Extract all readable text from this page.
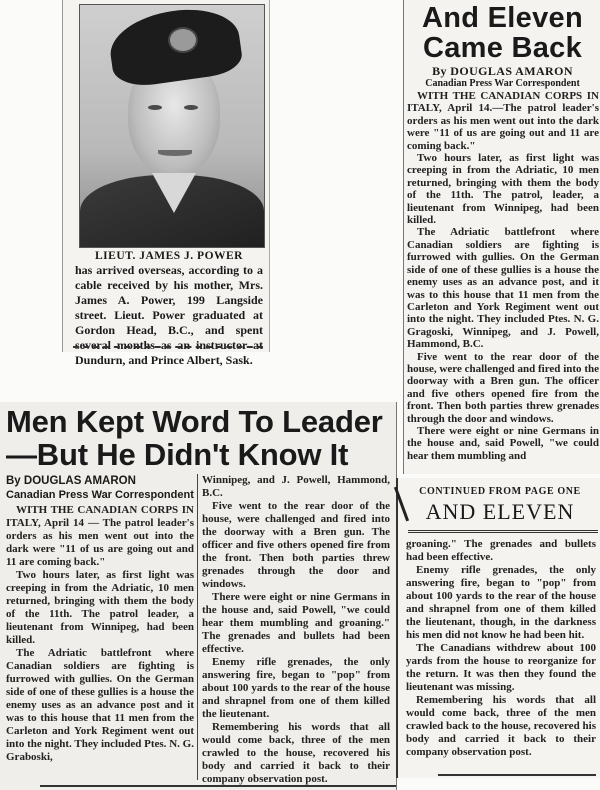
LIEUT. JAMES J. POWER
has arrived overseas, according to a cable received by his mother, Mrs. James A. Power, 199 Langside street. Lieut. Power graduated at Gordon Head, B.C., and spent several months as an instructor at Dundurn, and Prince Albert, Sask.
And Eleven Came Back
By DOUGLAS AMARON
Canadian Press War Correspondent

WITH THE CANADIAN CORPS IN ITALY, April 14.—The patrol leader's orders as his men went out into the dark were "11 of us are going out and 11 are coming back."

Two hours later, as first light was creeping in from the Adriatic, 10 men returned, bringing with them the body of the 11th. The patrol, leader, a lieutenant from Winnipeg, had been killed.

The Adriatic battlefront where Canadian soldiers are fighting is furrowed with gullies. On the German side of one of these gullies is a house the enemy uses as an advance post, and it was to this house that 11 men from the Carleton and York Regiment went out into the night. They included Ptes. N. G. Gragoski, Winnipeg, and J. Powell, Hammond, B.C.

Five went to the rear door of the house, were challenged and fired into the doorway with a Bren gun. The officer and five others opened fire from the front. Then both parties threw grenades through the door and windows.

There were eight or nine Germans in the house and, said Powell, "we could hear them mumbling and

Men Kept Word To Leader
—But He Didn't Know It
By DOUGLAS AMARON
Canadian Press War Correspondent

WITH THE CANADIAN CORPS IN ITALY, April 14 — The patrol leader's orders as his men went out into the dark were "11 of us are going out and 11 are coming back."

Two hours later, as first light was creeping in from the Adriatic, 10 men returned, bringing with them the body of the 11th. The patrol leader, a lieutenant from Winnipeg, had been killed.

The Adriatic battlefront where Canadian soldiers are fighting is furrowed with gullies. On the German side of one of these gullies is a house the enemy uses as an advance post and it was to this house that 11 men from the Carleton and York Regiment went out into the night. They included Ptes. N. G. Graboski,

Winnipeg, and J. Powell, Hammond, B.C.

Five went to the rear door of the house, were challenged and fired into the doorway with a Bren gun. The officer and five others opened fire from the front. Then both parties threw grenades through the door and windows.

There were eight or nine Germans in the house and, said Powell, "we could hear them mumbling and groaning." The grenades and bullets had been effective.

Enemy rifle grenades, the only answering fire, began to "pop" from about 100 yards to the rear of the house and shrapnel from one of them killed the lieutenant.

Remembering his words that all would come back, three of the men crawled to the house, recovered his body and carried it back to their company observation post.

CONTINUED FROM PAGE ONE
AND ELEVEN

groaning." The grenades and bullets had been effective.

Enemy rifle grenades, the only answering fire, began to "pop" from about 100 yards to the rear of the house and shrapnel from one of them killed the lieutenant, though, in the darkness his men did not know he had been hit.

The Canadians withdrew about 100 yards from the house to reorganize for the return. It was then they found the lieutenant was missing.

Remembering his words that all would come back, three of the men crawled back to the house, recovered his body and carried it back to their company observation post.
